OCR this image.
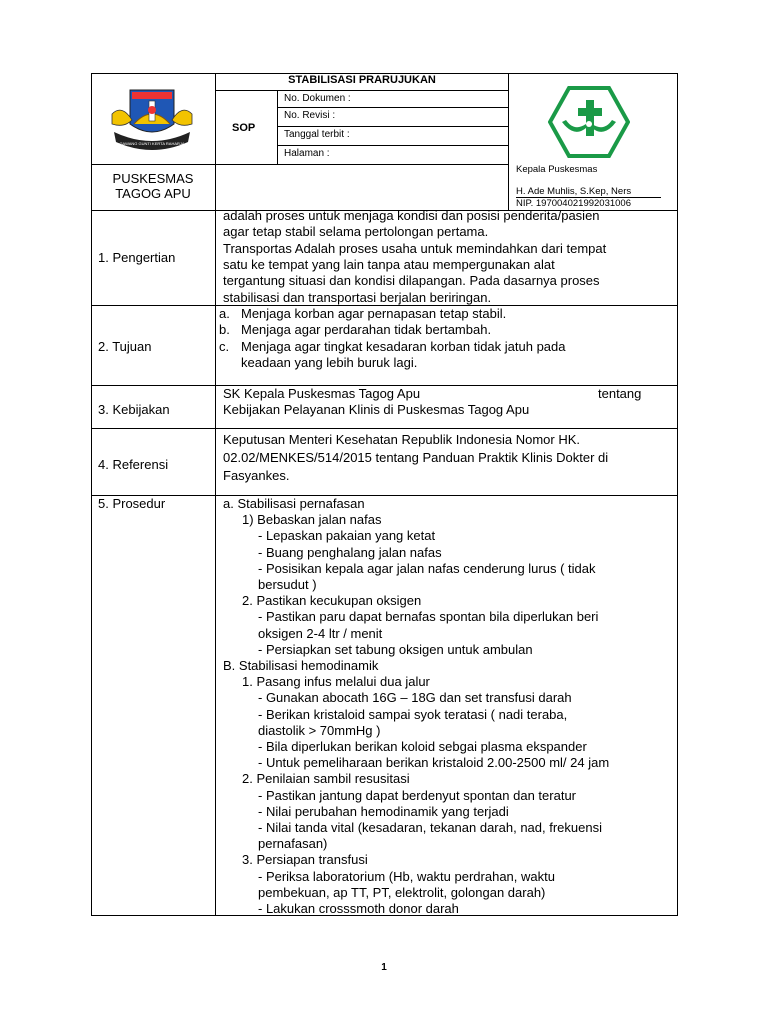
KABUPATEN BANDUNG BARAT
GAWANG GUNTI KERTA RAHARJA
STABILISASI PRARUJUKAN
SOP
No. Dokumen :
No. Revisi :
Tanggal terbit :
Halaman :
PUSKESMAS
TAGOG APU
Kepala Puskesmas
H. Ade Muhlis, S.Kep, Ners
NIP. 197004021992031006
1. Pengertian
adalah proses untuk menjaga kondisi dan posisi penderita/pasien
agar tetap stabil selama pertolongan pertama.
Transportas Adalah proses usaha untuk memindahkan dari tempat
satu ke tempat yang lain tanpa atau mempergunakan alat
tergantung situasi dan kondisi dilapangan. Pada dasarnya proses
stabilisasi dan transportasi berjalan beriringan.
2. Tujuan
a. Menjaga korban agar pernapasan tetap stabil.
b. Menjaga agar perdarahan tidak bertambah.
c. Menjaga agar tingkat kesadaran korban tidak jatuh pada
keadaan yang lebih buruk lagi.
3. Kebijakan
SK Kepala Puskesmas Tagog Apu	tentang
Kebijakan Pelayanan Klinis di Puskesmas Tagog Apu
4. Referensi
Keputusan Menteri Kesehatan Republik Indonesia Nomor HK.
02.02/MENKES/514/2015 tentang Panduan Praktik Klinis Dokter di
Fasyankes.
5. Prosedur	a. Stabilisasi pernafasan
1) Bebaskan jalan nafas
- Lepaskan pakaian yang ketat
- Buang penghalang jalan nafas
- Posisikan kepala agar jalan nafas cenderung lurus ( tidak
bersudut )
2. Pastikan kecukupan oksigen
- Pastikan paru dapat bernafas spontan bila diperlukan beri
oksigen 2-4 ltr / menit
- Persiapkan set tabung oksigen untuk ambulan
B. Stabilisasi hemodinamik
1. Pasang infus melalui dua jalur
- Gunakan abocath 16G – 18G dan set transfusi darah
- Berikan kristaloid sampai syok teratasi ( nadi teraba,
diastolik > 70mmHg )
- Bila diperlukan berikan koloid sebgai plasma ekspander
- Untuk pemeliharaan berikan kristaloid 2.00-2500 ml/ 24 jam
2. Penilaian sambil resusitasi
- Pastikan jantung dapat berdenyut spontan dan teratur
- Nilai perubahan hemodinamik yang terjadi
- Nilai tanda vital (kesadaran, tekanan darah, nad, frekuensi
pernafasan)
3. Persiapan transfusi
- Periksa laboratorium (Hb, waktu perdrahan, waktu
pembekuan, ap TT, PT, elektrolit, golongan darah)
- Lakukan crosssmoth donor darah
1
